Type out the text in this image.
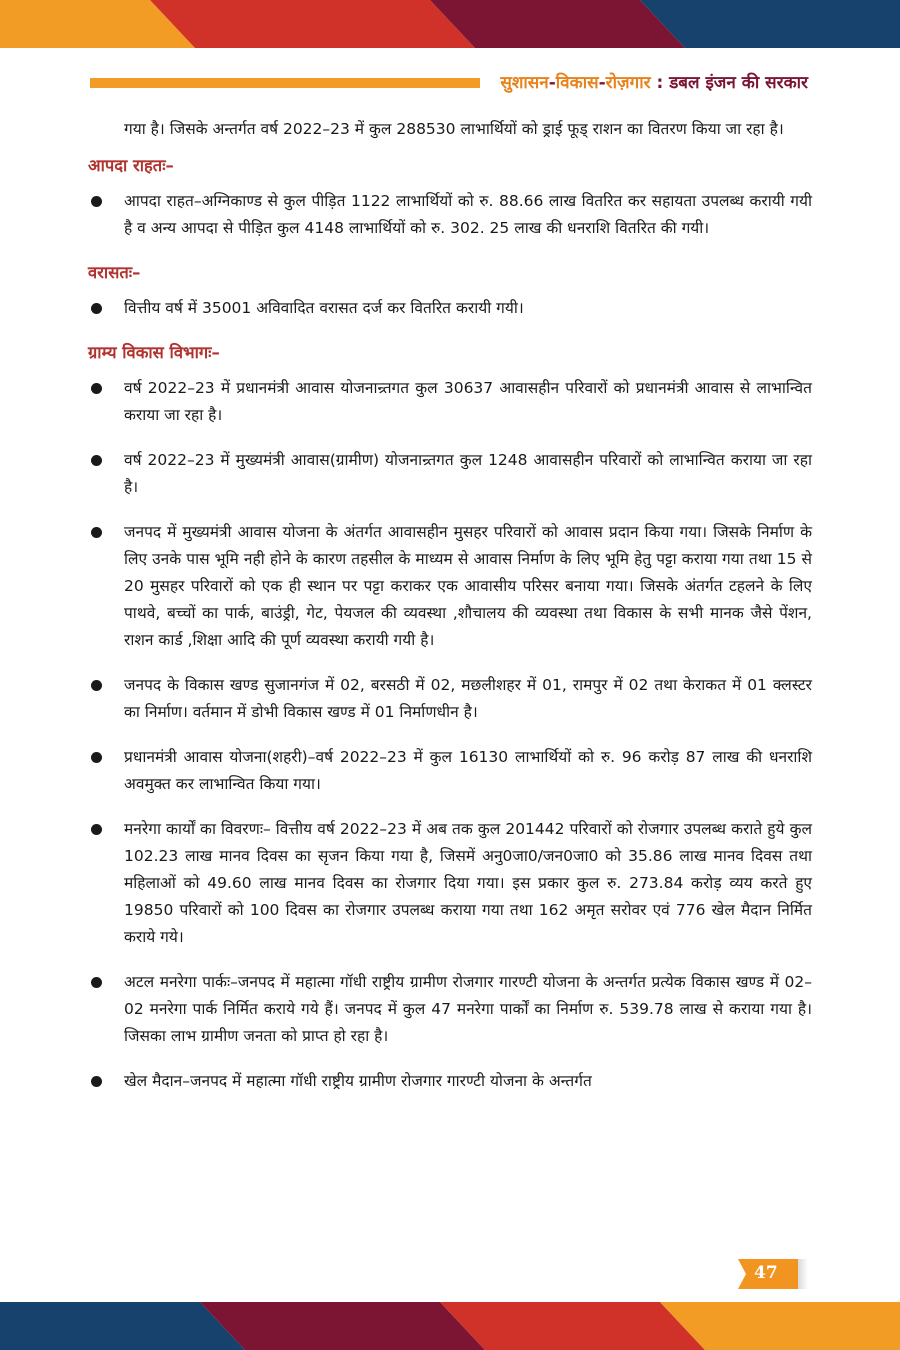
सुशासन-विकास-रोज़गार : डबल इंजन की सरकार

गया है। जिसके अन्तर्गत वर्ष 2022–23 में कुल 288530 लाभार्थियों को ड्राई फूड् राशन का वितरण किया जा रहा है।

आपदा राहतः–
आपदा राहत–अग्निकाण्ड से कुल पीड़ित 1122 लाभार्थियों को रु. 88.66 लाख वितरित कर सहायता उपलब्ध करायी गयी है व अन्य आपदा से पीड़ित कुल 4148 लाभार्थियों को रु. 302. 25 लाख की धनराशि वितरित की गयी।
वरासतः–
वित्तीय वर्ष में 35001 अविवादित वरासत दर्ज कर वितरित करायी गयी।
ग्राम्य विकास विभागः–
वर्ष 2022–23 में प्रधानमंत्री आवास योजनान्र्तगत कुल 30637 आवासहीन परिवारों को प्रधानमंत्री आवास से लाभान्वित कराया जा रहा है।
वर्ष 2022–23 में मुख्यमंत्री आवास(ग्रामीण) योजनान्र्तगत कुल 1248 आवासहीन परिवारों को लाभान्वित कराया जा रहा है।
जनपद में मुख्यमंत्री आवास योजना के अंतर्गत आवासहीन मुसहर परिवारों को आवास प्रदान किया गया। जिसके निर्माण के लिए उनके पास भूमि नही होने के कारण तहसील के माध्यम से आवास निर्माण के लिए भूमि हेतु पट्टा कराया गया तथा 15 से 20 मुसहर परिवारों को एक ही स्थान पर पट्टा कराकर एक आवासीय परिसर बनाया गया। जिसके अंतर्गत टहलने के लिए पाथवे, बच्चों का पार्क, बाउंड्री, गेट, पेयजल की व्यवस्था ,शौचालय की व्यवस्था तथा विकास के सभी मानक जैसे पेंशन, राशन कार्ड ,शिक्षा आदि की पूर्ण व्यवस्था करायी गयी है।
जनपद के विकास खण्ड सुजानगंज में 02, बरसठी में 02, मछलीशहर में 01, रामपुर में 02 तथा केराकत में 01 क्लस्टर का निर्माण। वर्तमान में डोभी विकास खण्ड में 01 निर्माणधीन है।
प्रधानमंत्री आवास योजना(शहरी)–वर्ष 2022–23 में कुल 16130 लाभार्थियों को रु. 96 करोड़ 87 लाख की धनराशि अवमुक्त कर लाभान्वित किया गया।
मनरेगा कार्यों का विवरणः– वित्तीय वर्ष 2022–23 में अब तक कुल 201442 परिवारों को रोजगार उपलब्ध कराते हुये कुल 102.23 लाख मानव दिवस का सृजन किया गया है, जिसमें अनु0जा0/जन0जा0 को 35.86 लाख मानव दिवस तथा महिलाओं को 49.60 लाख मानव दिवस का रोजगार दिया गया। इस प्रकार कुल रु. 273.84 करोड़ व्यय करते हुए 19850 परिवारों को 100 दिवस का रोजगार उपलब्ध कराया गया तथा 162 अमृत सरोवर एवं 776 खेल मैदान निर्मित कराये गये।
अटल मनरेगा पार्कः–जनपद में महात्मा गॉधी राष्ट्रीय ग्रामीण रोजगार गारण्टी योजना के अन्तर्गत प्रत्येक विकास खण्ड में 02–02 मनरेगा पार्क निर्मित कराये गये हैं। जनपद में कुल 47 मनरेगा पार्कों का निर्माण रु. 539.78 लाख से कराया गया है। जिसका लाभ ग्रामीण जनता को प्राप्त हो रहा है।
खेल मैदान–जनपद में महात्मा गॉधी राष्ट्रीय ग्रामीण रोजगार गारण्टी योजना के अन्तर्गत
47
